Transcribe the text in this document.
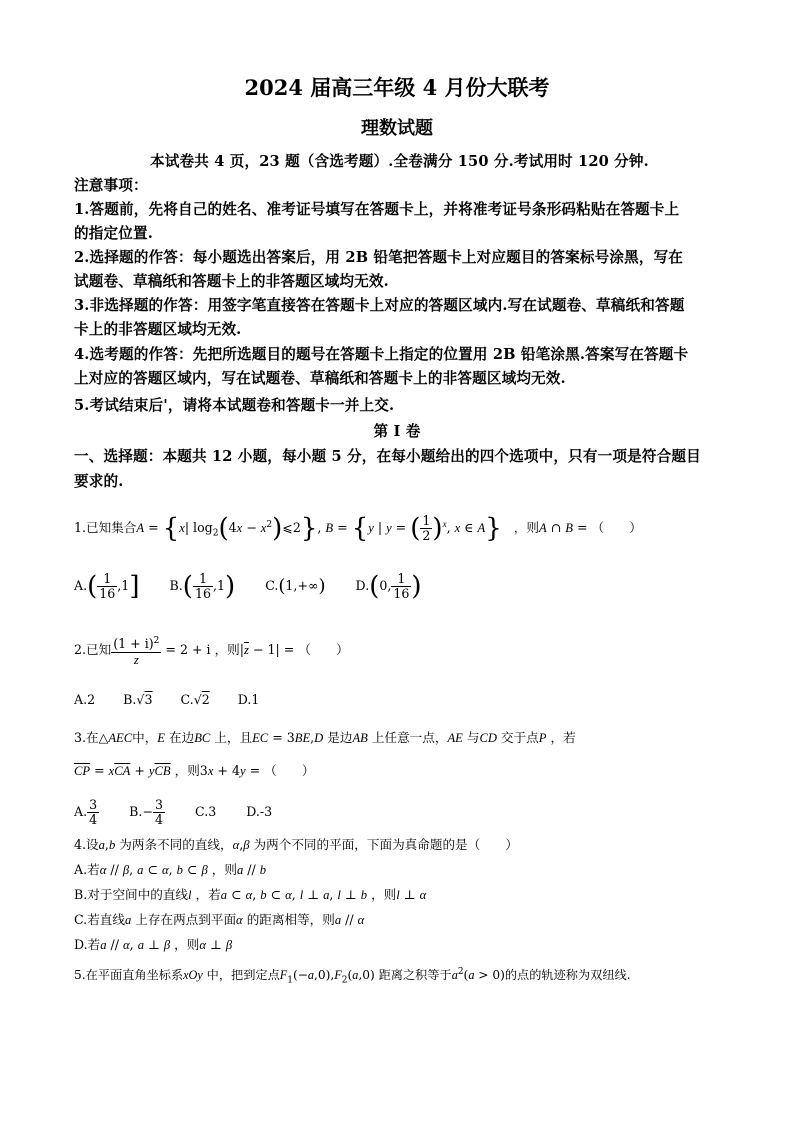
2024 届高三年级 4 月份大联考
理数试题
本试卷共 4 页，23 题（含选考题）.全卷满分 150 分.考试用时 120 分钟.
注意事项：
1.答题前，先将自己的姓名、准考证号填写在答题卡上，并将准考证号条形码粘贴在答题卡上
的指定位置.
2.选择题的作答：每小题选出答案后，用 2B 铅笔把答题卡上对应题目的答案标号涂黑，写在
试题卷、草稿纸和答题卡上的非答题区域均无效.
3.非选择题的作答：用签字笔直接答在答题卡上对应的答题区域内.写在试题卷、草稿纸和答题
卡上的非答题区域均无效.
4.选考题的作答：先把所选题目的题号在答题卡上指定的位置用 2B 铅笔涂黑.答案写在答题卡
上对应的答题区域内，写在试题卷、草稿纸和答题卡上的非答题区域均无效.
5.考试结束后'，请将本试题卷和答题卡一并上交.
第 I 卷
一、选择题：本题共 12 小题，每小题 5 分，在每小题给出的四个选项中，只有一项是符合题目
要求的.
1.已知集合A = {x| $\log_2(4x$ − $x^2)⩽2$}, B = {y | y = ( $\frac{1}{2} )^x$, x ∈ A} ，则A ∩ B = （　　）
$A.( \frac{1}{16} ,1]$ $B.( \frac{1}{16} ,1)$ C.(1,+∞) D.(0, $\frac{1}{16}$ )
2.已知 $\frac{(1 + i)^2}{z} = 2 + i$ ，则$|\overline{z} - 1|$ = （　　）
A.2 B.√3 C.√2 D.1
3.在△AEC中，E 在边BC 上，且EC = 3BE,D 是边AB 上任意一点，AE 与CD 交于点P ，若
$\overline{CP} = x\overline{CA} + y\overline{CB}$ ，则3x + 4y = （　　）
A. $\frac{3}{4} B.- \frac{3}{4} C.3$ D.-3
4.设a,b 为两条不同的直线，α,β 为两个不同的平面，下面为真命题的是（　　）
A.若α // β, a ⊂ α, b ⊂ β ，则a // b
B.对于空间中的直线l ，若a ⊂ α, b ⊂ α, l ⊥ a, l ⊥ b ，则l ⊥ α
C.若直线a 上存在两点到平面α 的距离相等，则a // α
D.若a // α, a ⊥ β ，则α ⊥ β
5.在平面直角坐标系xOy 中，把到定点$F_1(-a,0),F_2(a,0)$ 距离之积等于$a^2(a > 0)$的点的轨迹称为双纽线.
